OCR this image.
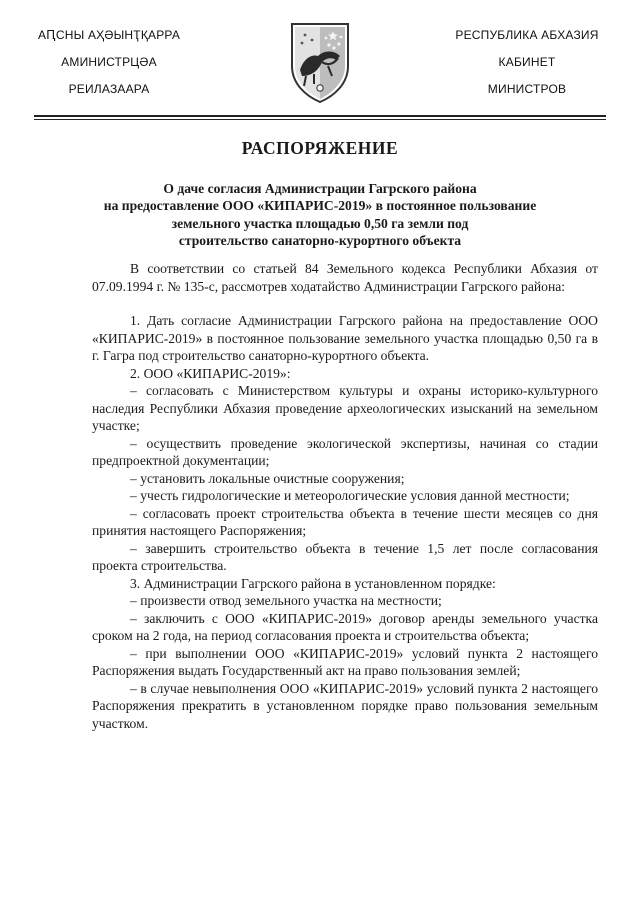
АԤСНЫ АҲӘЫНҬҚАРРА
АМИНИСТРЦӘА
РЕИЛАЗААРА
РЕСПУБЛИКА АБХАЗИЯ
КАБИНЕТ
МИНИСТРОВ
РАСПОРЯЖЕНИЕ
О даче согласия Администрации Гагрского района
на предоставление ООО «КИПАРИС-2019» в постоянное пользование
земельного участка площадью 0,50 га земли под
строительство санаторно-курортного объекта

В соответствии со статьей 84 Земельного кодекса Республики Абхазия от 07.09.1994 г. № 135-с, рассмотрев ходатайство Администрации Гагрского района:

1. Дать согласие Администрации Гагрского района на предоставление ООО «КИПАРИС-2019» в постоянное пользование земельного участка площадью 0,50 га в г. Гагра под строительство санаторно-курортного объекта.

2. ООО «КИПАРИС-2019»:

– согласовать с Министерством культуры и охраны историко-культурного наследия Республики Абхазия проведение археологических изысканий на земельном участке;

– осуществить проведение экологической экспертизы, начиная со стадии предпроектной документации;

– установить локальные очистные сооружения;

– учесть гидрологические и метеорологические условия данной местности;

– согласовать проект строительства объекта в течение шести месяцев со дня принятия настоящего Распоряжения;

– завершить строительство объекта в течение 1,5 лет после согласования проекта строительства.

3. Администрации Гагрского района в установленном порядке:

– произвести отвод земельного участка на местности;

– заключить с ООО «КИПАРИС-2019» договор аренды земельного участка сроком на 2 года, на период согласования проекта и строительства объекта;

– при выполнении ООО «КИПАРИС-2019» условий пункта 2 настоящего Распоряжения выдать Государственный акт на право пользования землей;

– в случае невыполнения ООО «КИПАРИС-2019» условий пункта 2 настоящего Распоряжения прекратить в установленном порядке право пользования земельным участком.
